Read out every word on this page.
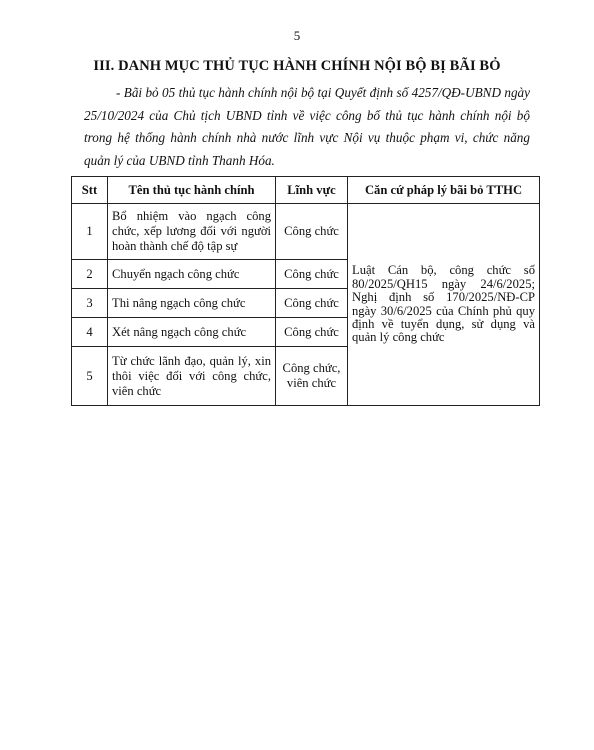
5
III. DANH MỤC THỦ TỤC HÀNH CHÍNH NỘI BỘ BỊ BÃI BỎ
- Bãi bỏ 05 thủ tục hành chính nội bộ tại Quyết định số 4257/QĐ-UBND ngày 25/10/2024 của Chủ tịch UBND tỉnh về việc công bố thủ tục hành chính nội bộ trong hệ thống hành chính nhà nước lĩnh vực Nội vụ thuộc phạm vi, chức năng quản lý của UBND tỉnh Thanh Hóa.
Stt	Tên thủ tục hành chính	Lĩnh vực	Căn cứ pháp lý bãi bỏ TTHC
1	Bổ nhiệm vào ngạch công chức, xếp lương đối với người hoàn thành chế độ tập sự	Công chức	Luật Cán bộ, công chức số 80/2025/QH15 ngày 24/6/2025; Nghị định số 170/2025/NĐ-CP ngày 30/6/2025 của Chính phủ quy định về tuyển dụng, sử dụng và quản lý công chức
2	Chuyển ngạch công chức	Công chức	
3	Thi nâng ngạch công chức	Công chức	
4	Xét nâng ngạch công chức	Công chức	
5	Từ chức lãnh đạo, quản lý, xin thôi việc đối với công chức, viên chức	Công chức, viên chức	
